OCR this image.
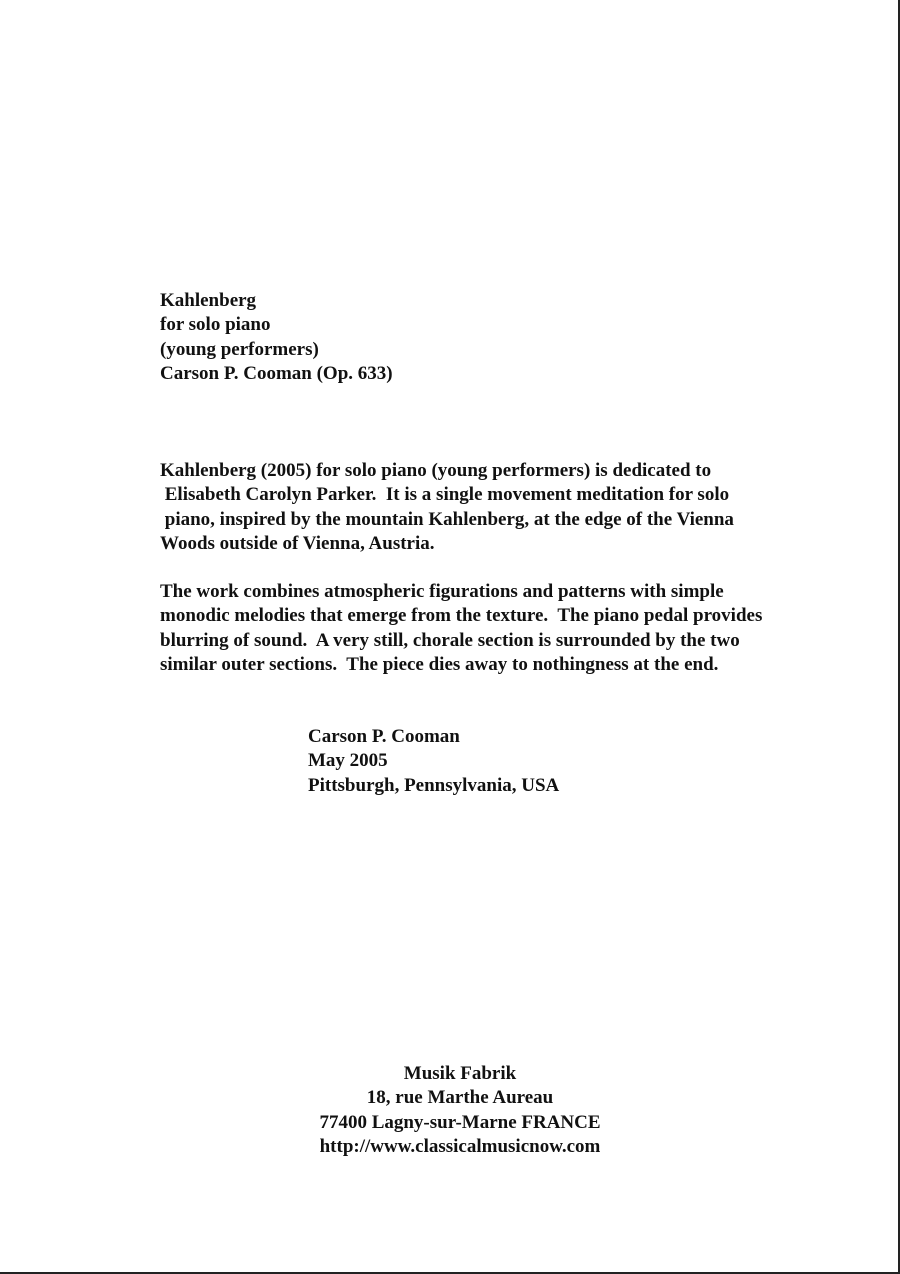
Kahlenberg
for solo piano
(young performers)
Carson P. Cooman (Op. 633)
Kahlenberg (2005) for solo piano (young performers) is dedicated to
Elisabeth Carolyn Parker.  It is a single movement meditation for solo
piano, inspired by the mountain Kahlenberg, at the edge of the Vienna
Woods outside of Vienna, Austria.
The work combines atmospheric figurations and patterns with simple
monodic melodies that emerge from the texture.  The piano pedal provides
blurring of sound.  A very still, chorale section is surrounded by the two
similar outer sections.  The piece dies away to nothingness at the end.
Carson P. Cooman
May 2005
Pittsburgh, Pennsylvania, USA
Musik Fabrik
18, rue Marthe Aureau
77400 Lagny-sur-Marne FRANCE
http://www.classicalmusicnow.com
